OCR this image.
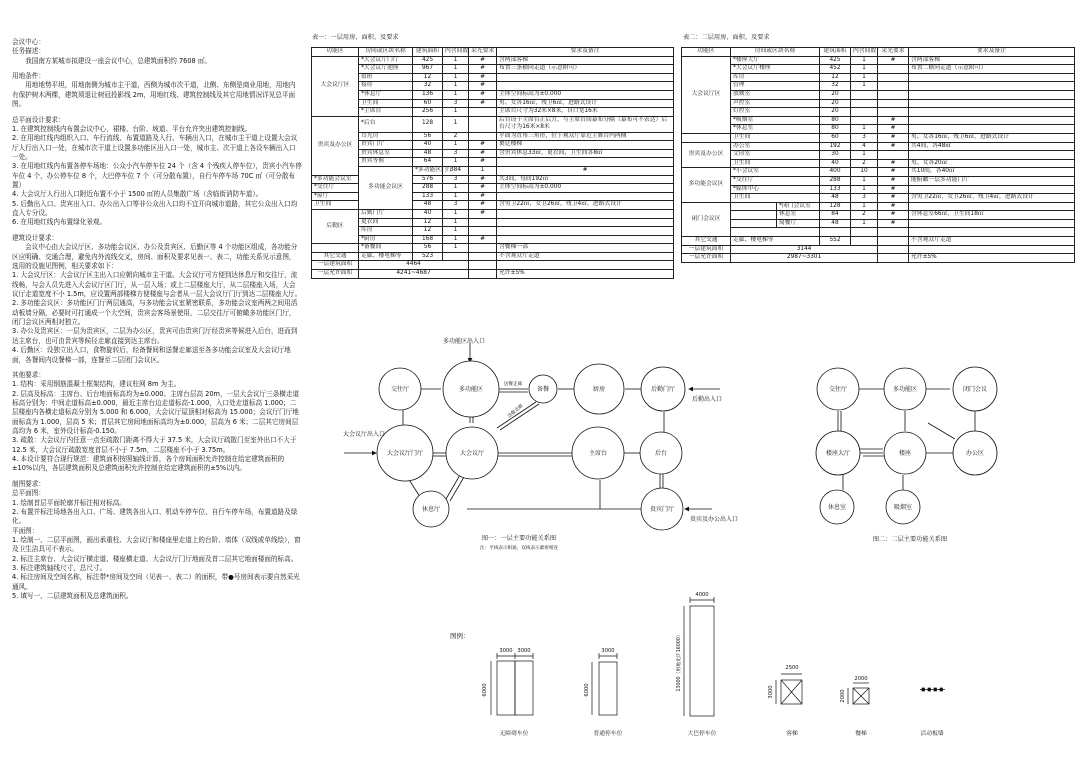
会议中心：

任务描述：

　　我国南方某城市拟建设一座会议中心，总建筑面积约 7608 ㎡。

用地条件：

　　用地地势平坦，用地南侧为城市主干道，西侧为城市次干道，北侧、东侧是商业用地，用地内有保护树木两棵，建筑须退让树冠投影线 2m，用地红线、建筑控制线及其它用地情况详见总平面图。

总平面设计要求：

1. 在建筑控制线内布置会议中心，裙楼、台阶、坡道、平台允许突出建筑控制线。

2. 在用地红线内组织入口、车行流线、布置道路及入行、车辆出入口，在城市主干道上设置大会议厅人行出入口一处，在城市次干道上设置多功能区出入口一处，城市主、次干道上各设车辆出入口一处。

3. 在用地红线内布置各停车场地：公众小汽车停车位 24 个（含 4 个残疾人停车位），贵宾小汽车停车位 4 个，办公停车位 8 个，大巴停车位 7 个（可分散布置），自行车停车场 70C ㎡（可分散布置）

4. 大会议厅人行出入口附近布置不小于 1500 ㎡的人员集散广场（含临街消防车道）。

5. 后勤出入口、贵宾出入口、办公出入口等非公众出入口均不宜开向城市道路，其它公众出入口均直入专分设。

6. 在用地红线内布置绿化景观。

建筑设计要求：

　　会议中心由大会议厅区、多功能会议区、办公及贵宾区、后勤区等 4 个功能区组成，各功能分区应明确、交通合理，避免内外流线交叉，房间、面积及要求见表一、表二，功能关系见示意图，选用的设施见图例，相关要求如下：

1. 大会议厅区：大会议厅区主出入口应朝向城市主干道。大会议厅可方便到达休息厅和交往厅，流线畅，与会人员先进入大会议厅区门厅，从一层入场；或上二层楼座大厅，从二层楼座入场，大会议厅走道宽度不小 1.5m，应设置两部楼梯方便楼座与会者从一层大会议厅门厅到达二层楼座大厅。

2. 多功能会议区：多功能区门厅两层通高，与多功能会议室紧密联系，多功能会议室两两之间用活动板墙分隔，必要时可打通成一个大空间，贵宾会客场景使用，二层交往厅可俯瞰多功能区门厅，闭门会议区两相对独立。

3. 办公及贵宾区：一层为贵宾区，二层为办公区，贵宾可由贵宾门厅经贵宾等候进入后台，进而到达主席台，也可由贵宾等候径走廊直接到达主席台。

4. 后勤区：设独立出入口，食物旋转后，经备餐间和送餐走廊送至各多功能会议室及大会议厅地面，各餐间内设餐梯一部，连餐至二层闭门会议区。

其他要求：

1. 结构：采用钢筋混凝土框架结构，建议柱网 8m 为主。

2. 层高及标高：主席台、后台地面标高均为±0.000。主席台层高 20m，一层大会议厅三条横走道标高分别为：中间走道标高±0.000，最近主席台边走道标高-1.000，入口处走道标高 1.000；二层楼座内各横走道标高分别为 5.000 和 6.000，大会议厅屋顶相对标高为 15.000；会议厅门厅地面标高为 1.000，层高 5 米；首层其它房间地面标高均为±0.000，层高为 6 米；二层其它房间层高均为 6 米，室外设计标高-0.150。

3. 疏散：大会议厅内任意一点至疏散门距离不得大于 37.5 米，大会议厅疏散门至室外出口不大于 12.5 米，大会议厅疏散宽度首层不小于 7.5m，二层楼座不小于 3.75m。

4. 本设计要符合现行规范：建筑面积按照轴线计算，各个房间面积允许控制在给定建筑面积的±10%以内，各层建筑面积及总建筑面积允许控制在给定建筑面积的±5%以内。

制图要求：

总平面图：

1. 绘制首层平面轮廓并标注相对标高。

2. 布置并标注场地各出入口、广场、建筑各出入口、机动车停车位、自行车停车场，布置道路及绿化。

平面图：

1. 绘制一、二层平面图，画出承重柱、大会议厅和楼座里走道上的台阶、墙体（双线或单线绘），窗及卫生洁具可不表示。

2. 标注主席台、大会议厅横走道、楼座横走道、大会议厅门厅地面及首二层其它地面楼面的标高。

3. 标注建筑轴线尺寸，总尺寸。

4. 标注房间及空间名称，标注带*房间及空间（见表一、表二）的面积，带●号房间表示要自然采光通风。

5. 填写一、二层建筑面积及总建筑面积。

表一：一层用房、面积、及要求
功能区	房间或区块名称	建筑面积	内含间数	采光要求	要求及备注	
大会议厅区	*大会议厅门厅	425	1	#	含两部客梯	
	*大会议厅池座	967	1	#	布置三条横向走道（示意附可）	
	值班	12	1	#		
	接待	32	1	#		
	*休息厅	136	1	#	主体空间标高为±0.000	
	卫生间	60	3	#	男、女各16㎡，残卫6㎡，进路式设计	
	*主席台	256	1		主席台尺寸为32米×8米，自口宽16米	
贵宾及办公区	*后台	128	1		后台设于主席台正后方，与主席台间幕布分隔（幕布可不表达）后台尺寸为16米×8米	
	耳光房	56	2		平面为直角三角形，位于观众厅靠近主舞台内两侧	
	贵宾门厅	40	1	#	裹廷楼梯	
	贵宾休息室	48	3	#	含贵宾休息33㎡，更衣间、卫生间各8㎡	
	贵宾等候	64	1	#		
	多功能会议区	*多功能区门厅	384	1	#	
*多功能会议室		576	3	#	共3间，每间192㎡	
*交往厅		288	1	#	主体空间标高为±0.000	
*屋厅		133	1	#		
卫生间		48	3	#	含男卫22㎡，女卫26㎡，残卫4㎡，进路式设计	
后勤区	后勤门厅	40	1	#		
	更衣间	12	1			
	库房	12	1			
	*厨房	168	1	#		
	*备餐间	56	1		含餐梯一部	
其它交通	走廊、楼电梯等	523			不含观众厅走道	
一层建筑面积	4464					
一层允许面积	4241~4687				允许±5%	
表二：二层用房、面积、及要求
功能区	房间或区块名称		建筑面积	内含间数	采光要求	要求及备注
大会议厅区	*楼座大厅		425	1	#	含两部客梯
	*大会议厅楼座		452	1		布置二横向走道（示意附可）
	库房		12	1		
	管理		32	1		
	放映室		20			
	声控室		20			
	灯控室		20			
	*吸烟室		80		#	
	*休息室		80	1	#	
	卫生间		60	3	#	男、女各16㎡，残卫6㎡，进路式设计
贵宾及办公区	办公室		192	4	#	共4间，各48㎡
	文印室		30	1		
	卫生间		40	2	#	男、女各20㎡
多功能会议区	*小会议室		400	10	#	共10间，各40㎡
	*交往厅		288	1	#	能俯瞰一层多功能门厅
	*媒体中心		133	1	#	
	卫生间		48	3	#	含男卫22㎡，女卫26㎡，残卫4㎡，进路式设计
闭门会议区		*闭门会议室	128	1	#	
		休息室	84	2	#	含休息室66㎡，卫生间18㎡
		简餐厅	48	1	#	

其它交通	走廊、楼电梯等		552			不含观众厅走道
一层建筑面积	3144					
一层允许面积	2987~3301					允许±5%
交往厅	多功能区	备餐	厨房	后勤门厅
大会议厅门厅	大会议厅	主席台	后台
休息厅	贵宾门厅
送餐走廊
送餐走廊
多功能区出入口
大会议厅出入口
后勤出入口
贵宾及办公出入口
图一：一层主要功能关系图
注：平线表示相通，双线表示紧密相连
交往厅	多功能区	闭门会议
楼座大厅	楼座	办公区
休息室	吸烟室
图二：二层主要功能关系图
图例：
3000 3000
6000
无障碍车位
3000
6000
普通停车位
4000
13000（用地允许16000）
大巴停车位
2500
3000
客梯
2000
2000
餐梯	活动板墙
